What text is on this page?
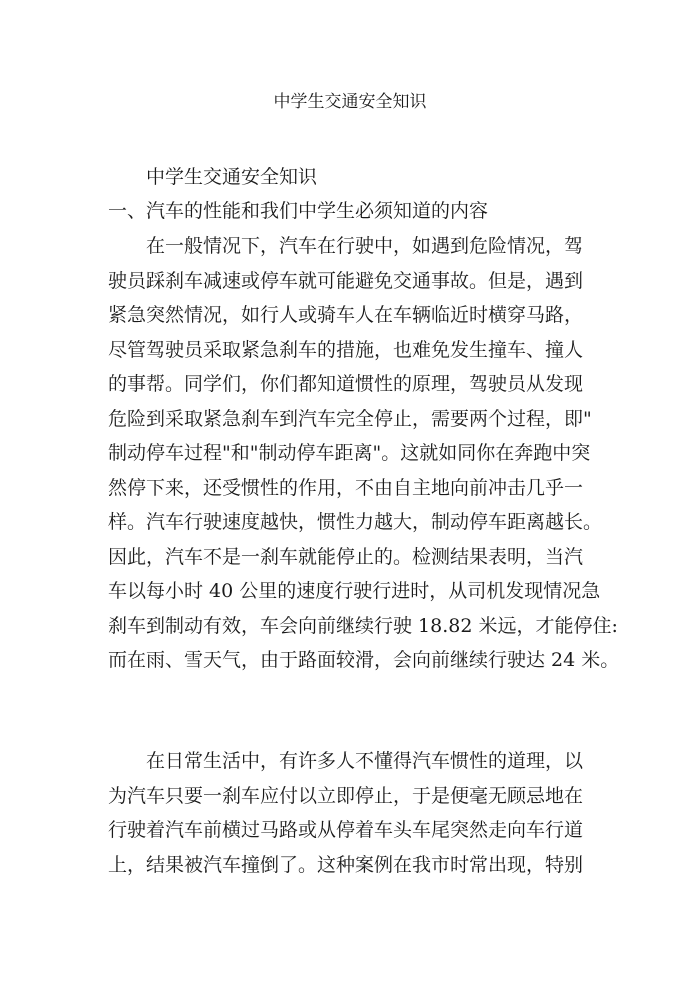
中学生交通安全知识

中学生交通安全知识

一、汽车的性能和我们中学生必须知道的内容

在一般情况下，汽车在行驶中，如遇到危险情况，驾
驶员踩刹车减速或停车就可能避免交通事故。但是，遇到
紧急突然情况，如行人或骑车人在车辆临近时横穿马路，
尽管驾驶员采取紧急刹车的措施，也难免发生撞车、撞人
的事帮。同学们，你们都知道惯性的原理，驾驶员从发现
危险到采取紧急刹车到汽车完全停止，需要两个过程，即"
制动停车过程"和"制动停车距离"。这就如同你在奔跑中突
然停下来，还受惯性的作用，不由自主地向前冲击几乎一
样。汽车行驶速度越快，惯性力越大，制动停车距离越长。
因此，汽车不是一刹车就能停止的。检测结果表明，当汽
车以每小时 40 公里的速度行驶行进时，从司机发现情况急
刹车到制动有效，车会向前继续行驶 18.82 米远，才能停住:
而在雨、雪天气，由于路面较滑，会向前继续行驶达 24 米。
在日常生活中，有许多人不懂得汽车惯性的道理，以
为汽车只要一刹车应付以立即停止，于是便毫无顾忌地在
行驶着汽车前横过马路或从停着车头车尾突然走向车行道
上，结果被汽车撞倒了。这种案例在我市时常出现，特别
